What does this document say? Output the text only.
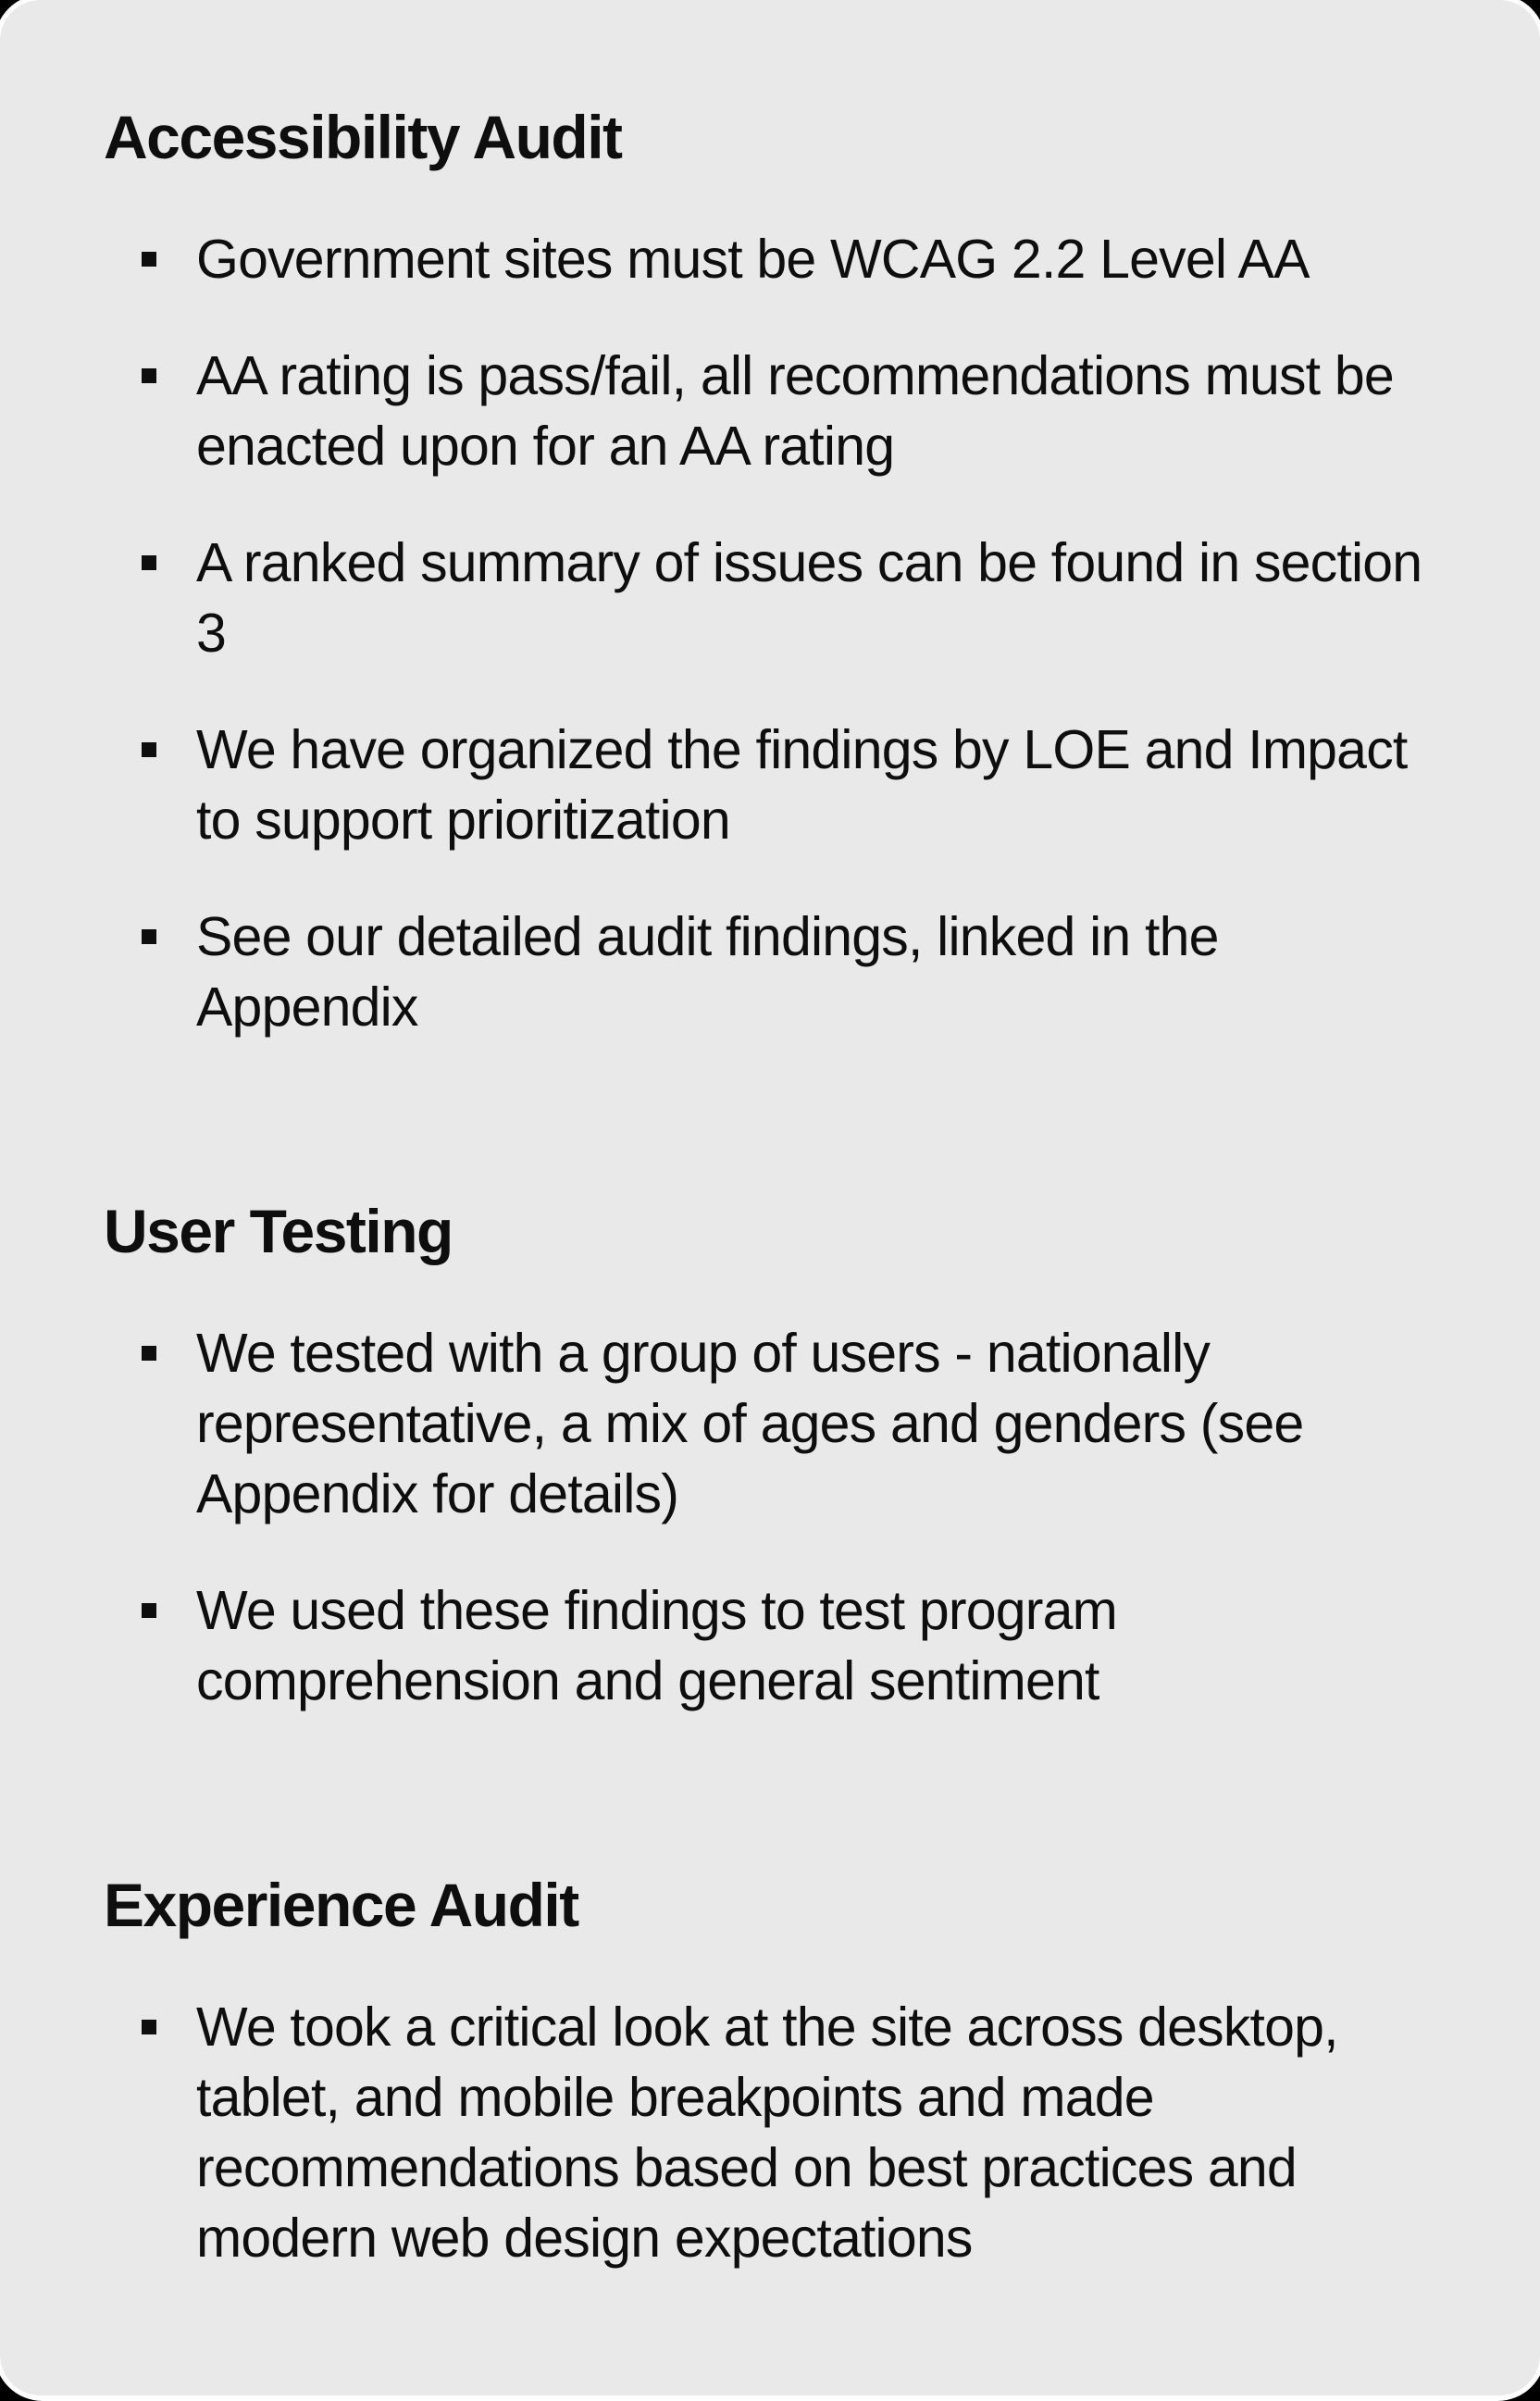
Accessibility Audit
Government sites must be WCAG 2.2 Level AA
AA rating is pass/fail, all recommendations must be enacted upon for an AA rating
A ranked summary of issues can be found in section 3
We have organized the findings by LOE and Impact to support prioritization
See our detailed audit findings, linked in the Appendix
User Testing
We tested with a group of users - nationally representative, a mix of ages and genders (see Appendix for details)
We used these findings to test program comprehension and general sentiment
Experience Audit
We took a critical look at the site across desktop, tablet, and mobile breakpoints and made recommendations based on best practices and modern web design expectations
